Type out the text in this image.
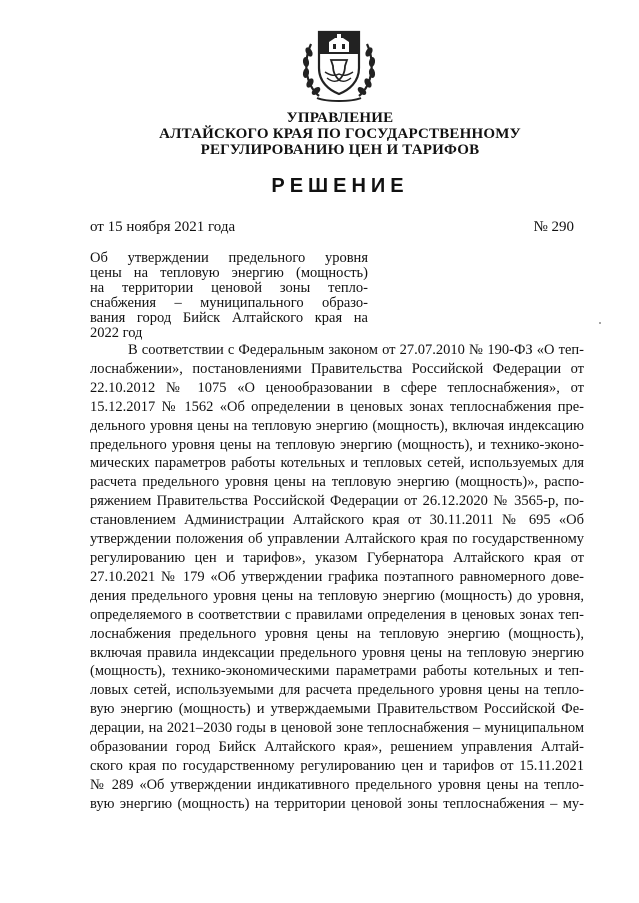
УПРАВЛЕНИЕ
АЛТАЙСКОГО КРАЯ ПО ГОСУДАРСТВЕННОМУ
РЕГУЛИРОВАНИЮ ЦЕН И ТАРИФОВ
РЕШЕНИЕ
от 15 ноября 2021 года	№ 290
Об утверждении предельного уровня
цены на тепловую энергию (мощность)
на территории ценовой зоны тепло-
снабжения – муниципального образо-
вания город Бийск Алтайского края на
2022 год
В соответствии с Федеральным законом от 27.07.2010 № 190-ФЗ «О теп-
лоснабжении», постановлениями Правительства Российской Федерации от
22.10.2012 № 1075 «О ценообразовании в сфере теплоснабжения», от
15.12.2017 № 1562 «Об определении в ценовых зонах теплоснабжения пре-
дельного уровня цены на тепловую энергию (мощность), включая индексацию
предельного уровня цены на тепловую энергию (мощность), и технико-эконо-
мических параметров работы котельных и тепловых сетей, используемых для
расчета предельного уровня цены на тепловую энергию (мощность)», распо-
ряжением Правительства Российской Федерации от 26.12.2020 № 3565-р, по-
становлением Администрации Алтайского края от 30.11.2011 № 695 «Об
утверждении положения об управлении Алтайского края по государственному
регулированию цен и тарифов», указом Губернатора Алтайского края от
27.10.2021 № 179 «Об утверждении графика поэтапного равномерного дове-
дения предельного уровня цены на тепловую энергию (мощность) до уровня,
определяемого в соответствии с правилами определения в ценовых зонах теп-
лоснабжения предельного уровня цены на тепловую энергию (мощность),
включая правила индексации предельного уровня цены на тепловую энергию
(мощность), технико-экономическими параметрами работы котельных и теп-
ловых сетей, используемыми для расчета предельного уровня цены на тепло-
вую энергию (мощность) и утверждаемыми Правительством Российской Фе-
дерации, на 2021–2030 годы в ценовой зоне теплоснабжения – муниципальном
образовании город Бийск Алтайского края», решением управления Алтай-
ского края по государственному регулированию цен и тарифов от 15.11.2021
№ 289 «Об утверждении индикативного предельного уровня цены на тепло-
вую энергию (мощность) на территории ценовой зоны теплоснабжения – му-
